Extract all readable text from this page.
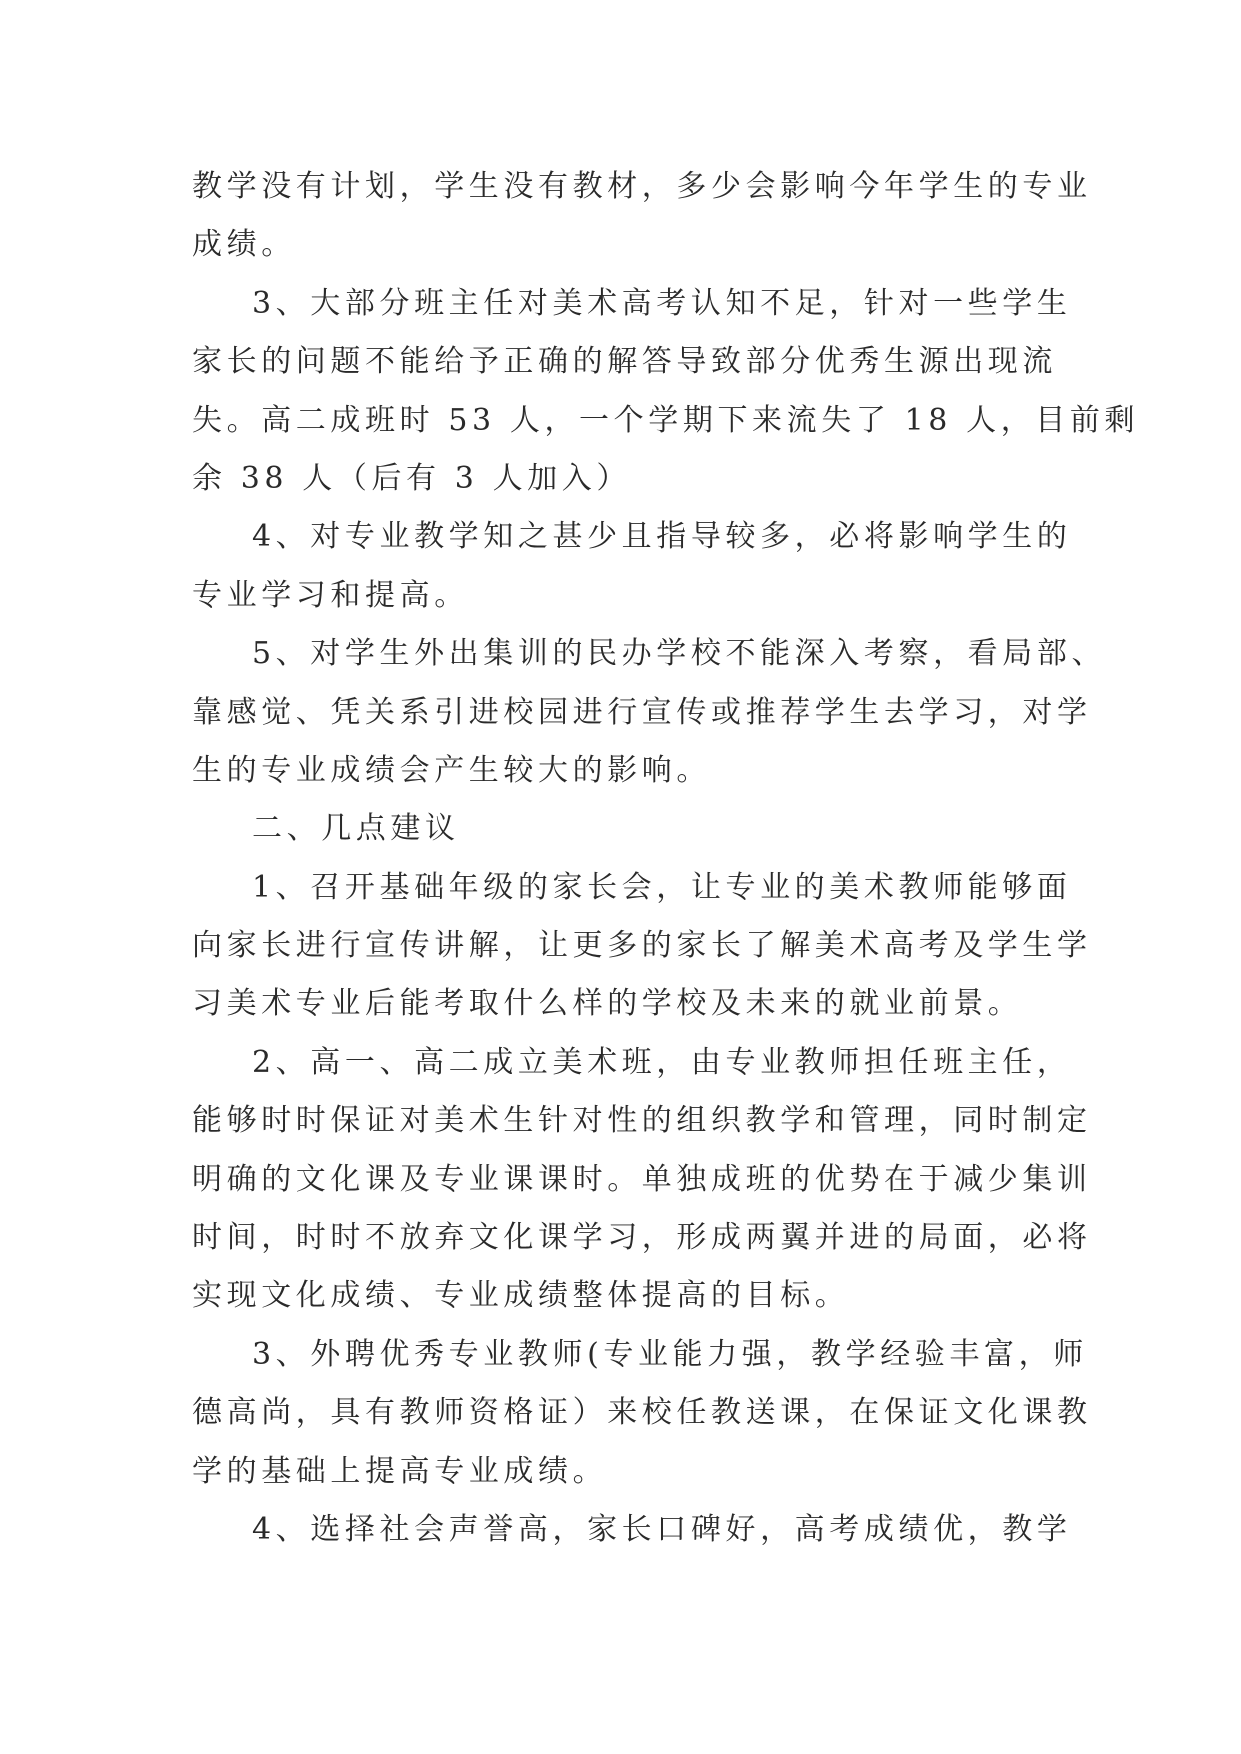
教学没有计划，学生没有教材，多少会影响今年学生的专业
成绩。
3、大部分班主任对美术高考认知不足，针对一些学生
家长的问题不能给予正确的解答导致部分优秀生源出现流
失。高二成班时 53 人，一个学期下来流失了 18 人，目前剩
余 38 人（后有 3 人加入）
4、对专业教学知之甚少且指导较多，必将影响学生的
专业学习和提高。
5、对学生外出集训的民办学校不能深入考察，看局部、
靠感觉、凭关系引进校园进行宣传或推荐学生去学习，对学
生的专业成绩会产生较大的影响。
二、几点建议
1、召开基础年级的家长会，让专业的美术教师能够面
向家长进行宣传讲解，让更多的家长了解美术高考及学生学
习美术专业后能考取什么样的学校及未来的就业前景。
2、高一、高二成立美术班，由专业教师担任班主任，
能够时时保证对美术生针对性的组织教学和管理，同时制定
明确的文化课及专业课课时。单独成班的优势在于减少集训
时间，时时不放弃文化课学习，形成两翼并进的局面，必将
实现文化成绩、专业成绩整体提高的目标。
3、外聘优秀专业教师(专业能力强，教学经验丰富，师
德高尚，具有教师资格证）来校任教送课，在保证文化课教
学的基础上提高专业成绩。
4、选择社会声誉高，家长口碑好，高考成绩优，教学
